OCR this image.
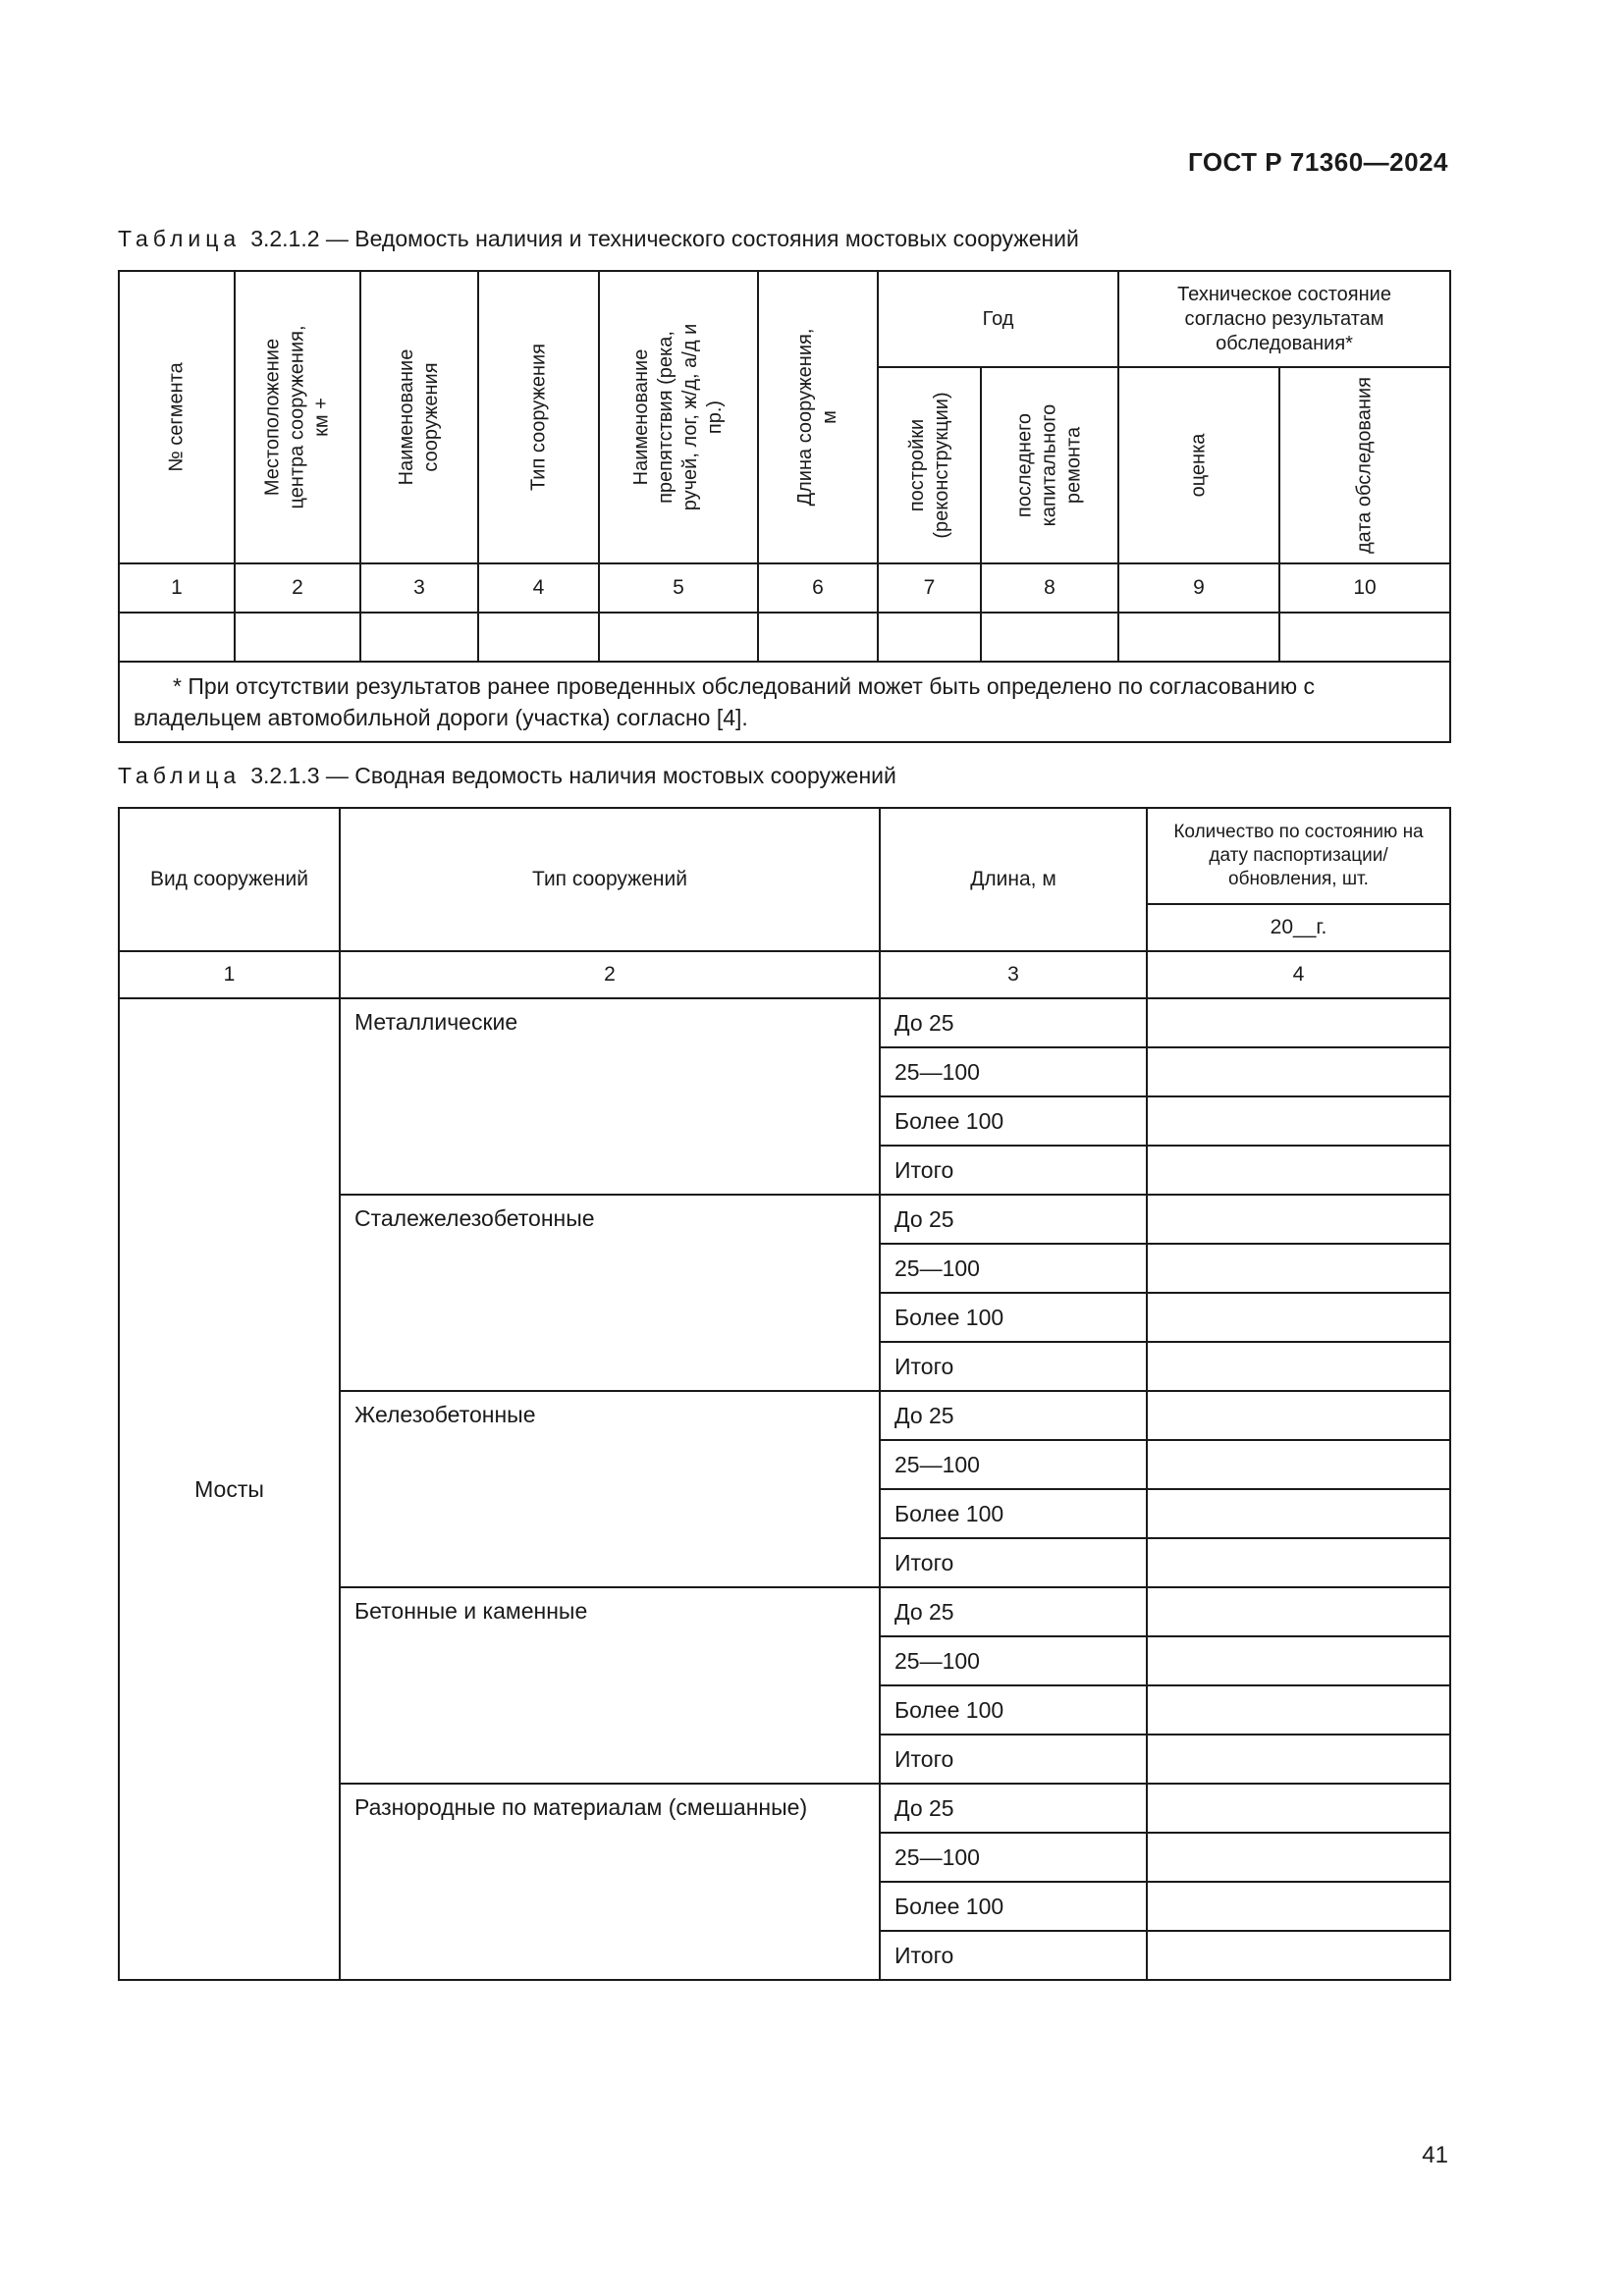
ГОСТ Р 71360—2024
Таблица 3.2.1.2 — Ведомость наличия и технического состояния мостовых сооружений
№ сегмента	Местоположение центра сооружения, км +	Наименование сооружения	Тип сооружения	Наименование препятствия (река, ручей, лог, ж/д, а/д и пр.)	Длина сооружения, м	Год		Техническое состояние согласно результатам обследования*	

						постройки (реконструкции)	последнего капитального ремонта	оценка	дата обследования

1	2	3	4	5	6	7	8	9	10

* При отсутствии результатов ранее проведенных обследований может быть определено по согласованию с владельцем автомобильной дороги (участка) согласно [4].									
Таблица 3.2.1.3 — Сводная ведомость наличия мостовых сооружений
Вид сооружений	Тип сооружений	Длина, м	Количество по состоянию на дату паспортизации/ обновления, шт.
			20__г.
1	2	3	4
Мосты	Металлические	До 25	
		25—100	
		Более 100	
		Итого	
	Сталежелезобетонные	До 25	
		25—100	
		Более 100	
		Итого	
	Железобетонные	До 25	
		25—100	
		Более 100	
		Итого	
	Бетонные и каменные	До 25	
		25—100	
		Более 100	
		Итого	
	Разнородные по материалам (смешанные)	До 25	
		25—100	
		Более 100	
		Итого	
41
